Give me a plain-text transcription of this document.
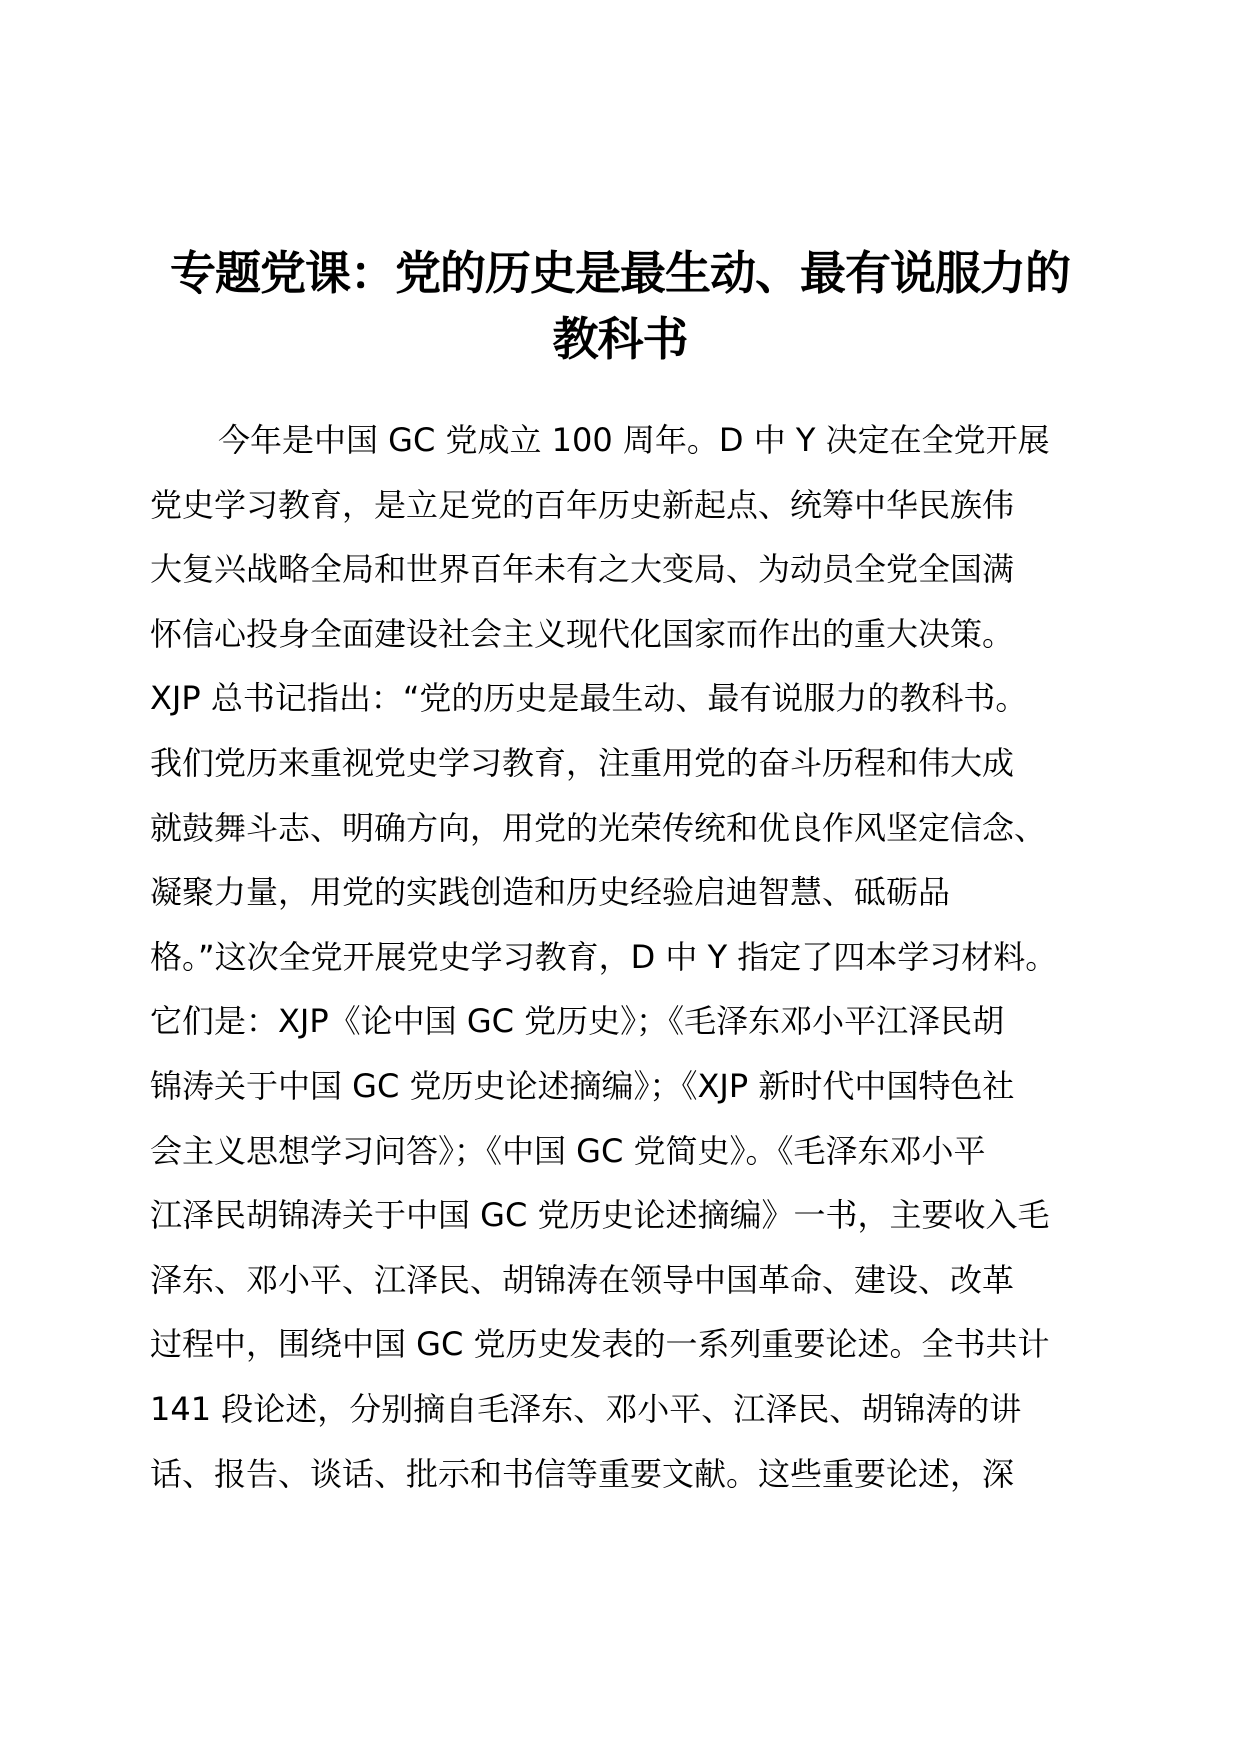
专题党课：党的历史是最生动、最有说服力的
教科书
今年是中国 GC 党成立 100 周年。D 中 Y 决定在全党开展
党史学习教育，是立足党的百年历史新起点、统筹中华民族伟
大复兴战略全局和世界百年未有之大变局、为动员全党全国满
怀信心投身全面建设社会主义现代化国家而作出的重大决策。
XJP 总书记指出：“党的历史是最生动、最有说服力的教科书。
我们党历来重视党史学习教育，注重用党的奋斗历程和伟大成
就鼓舞斗志、明确方向，用党的光荣传统和优良作风坚定信念、
凝聚力量，用党的实践创造和历史经验启迪智慧、砥砺品
格。”这次全党开展党史学习教育，D 中 Y 指定了四本学习材料。
它们是：XJP《论中国 GC 党历史》；《毛泽东邓小平江泽民胡
锦涛关于中国 GC 党历史论述摘编》；《XJP 新时代中国特色社
会主义思想学习问答》；《中国 GC 党简史》。《毛泽东邓小平
江泽民胡锦涛关于中国 GC 党历史论述摘编》一书，主要收入毛
泽东、邓小平、江泽民、胡锦涛在领导中国革命、建设、改革
过程中，围绕中国 GC 党历史发表的一系列重要论述。全书共计
141 段论述，分别摘自毛泽东、邓小平、江泽民、胡锦涛的讲
话、报告、谈话、批示和书信等重要文献。这些重要论述，深
